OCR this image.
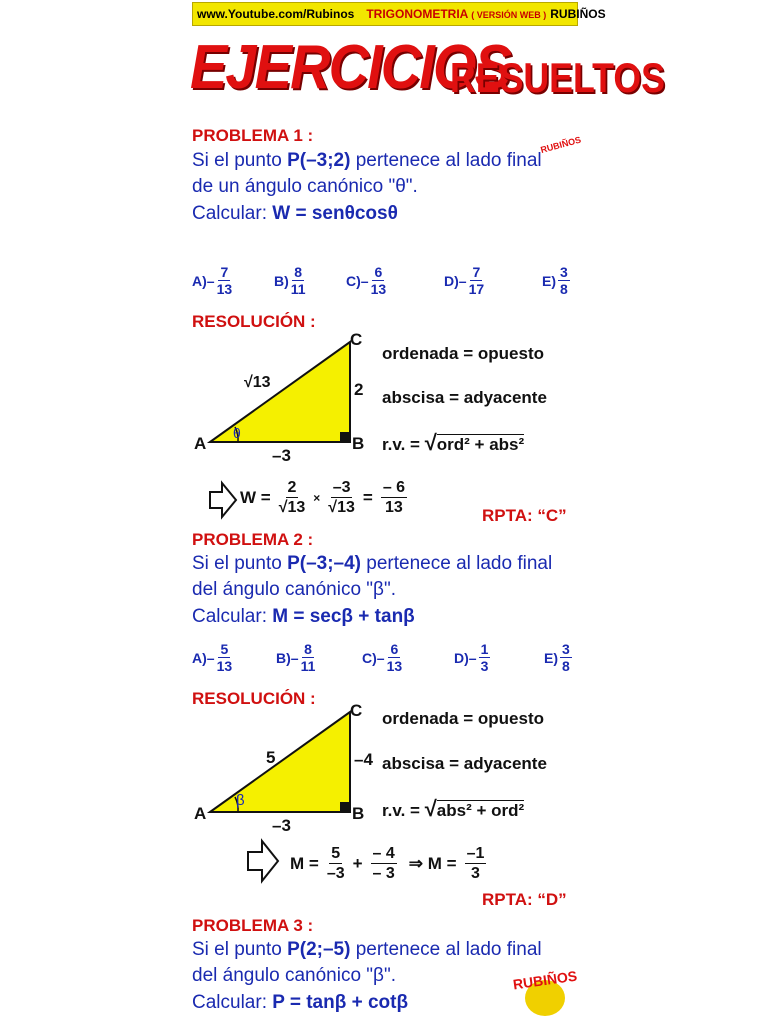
www.Youtube.com/Rubinos TRIGONOMETRIA ( VERSIÓN WEB ) RUBIÑOS
EJERCICIOS
RESUELTOS
RUBIÑOS
PROBLEMA 1 :
Si el punto P(–3;2) pertenece al lado final
de un ángulo canónico "θ".
Calcular: W = senθcosθ
$A) - \frac{7}{13}$	$B) \frac{8}{11}$	$C) - \frac{6}{13}$	$D) - \frac{7}{17}$	$E) \frac{3}{8}$
RESOLUCIÓN :
A	B
C
√13	2
–3
θ
ordenada = opuesto
abscisa = adyacente
r.v. = √ord² + abs²
$W = \frac{2}{√13} \times \frac{-3}{√13} = \frac{- 6}{13}$	RPTA: “C”
PROBLEMA 2 :
Si el punto P(–3;–4) pertenece al lado final
del ángulo canónico "β".
Calcular: M = secβ + tanβ
$A) - \frac{5}{13}$	$B) - \frac{8}{11}$	$C) - \frac{6}{13}$	$D) - \frac{1}{3}$	$E) \frac{3}{8}$
RESOLUCIÓN :
A	B
C
5	–4
–3
β
ordenada = opuesto
abscisa = adyacente
r.v. = √abs² + ord²
$M = \frac{5}{-3} + \frac{- 4}{- 3}$ ⇒ $M = \frac{-1}{3}$
RPTA: “D”
PROBLEMA 3 :
Si el punto P(2;–5) pertenece al lado final
del ángulo canónico "β".
Calcular: P = tanβ + cotβ
RUBIÑOS
